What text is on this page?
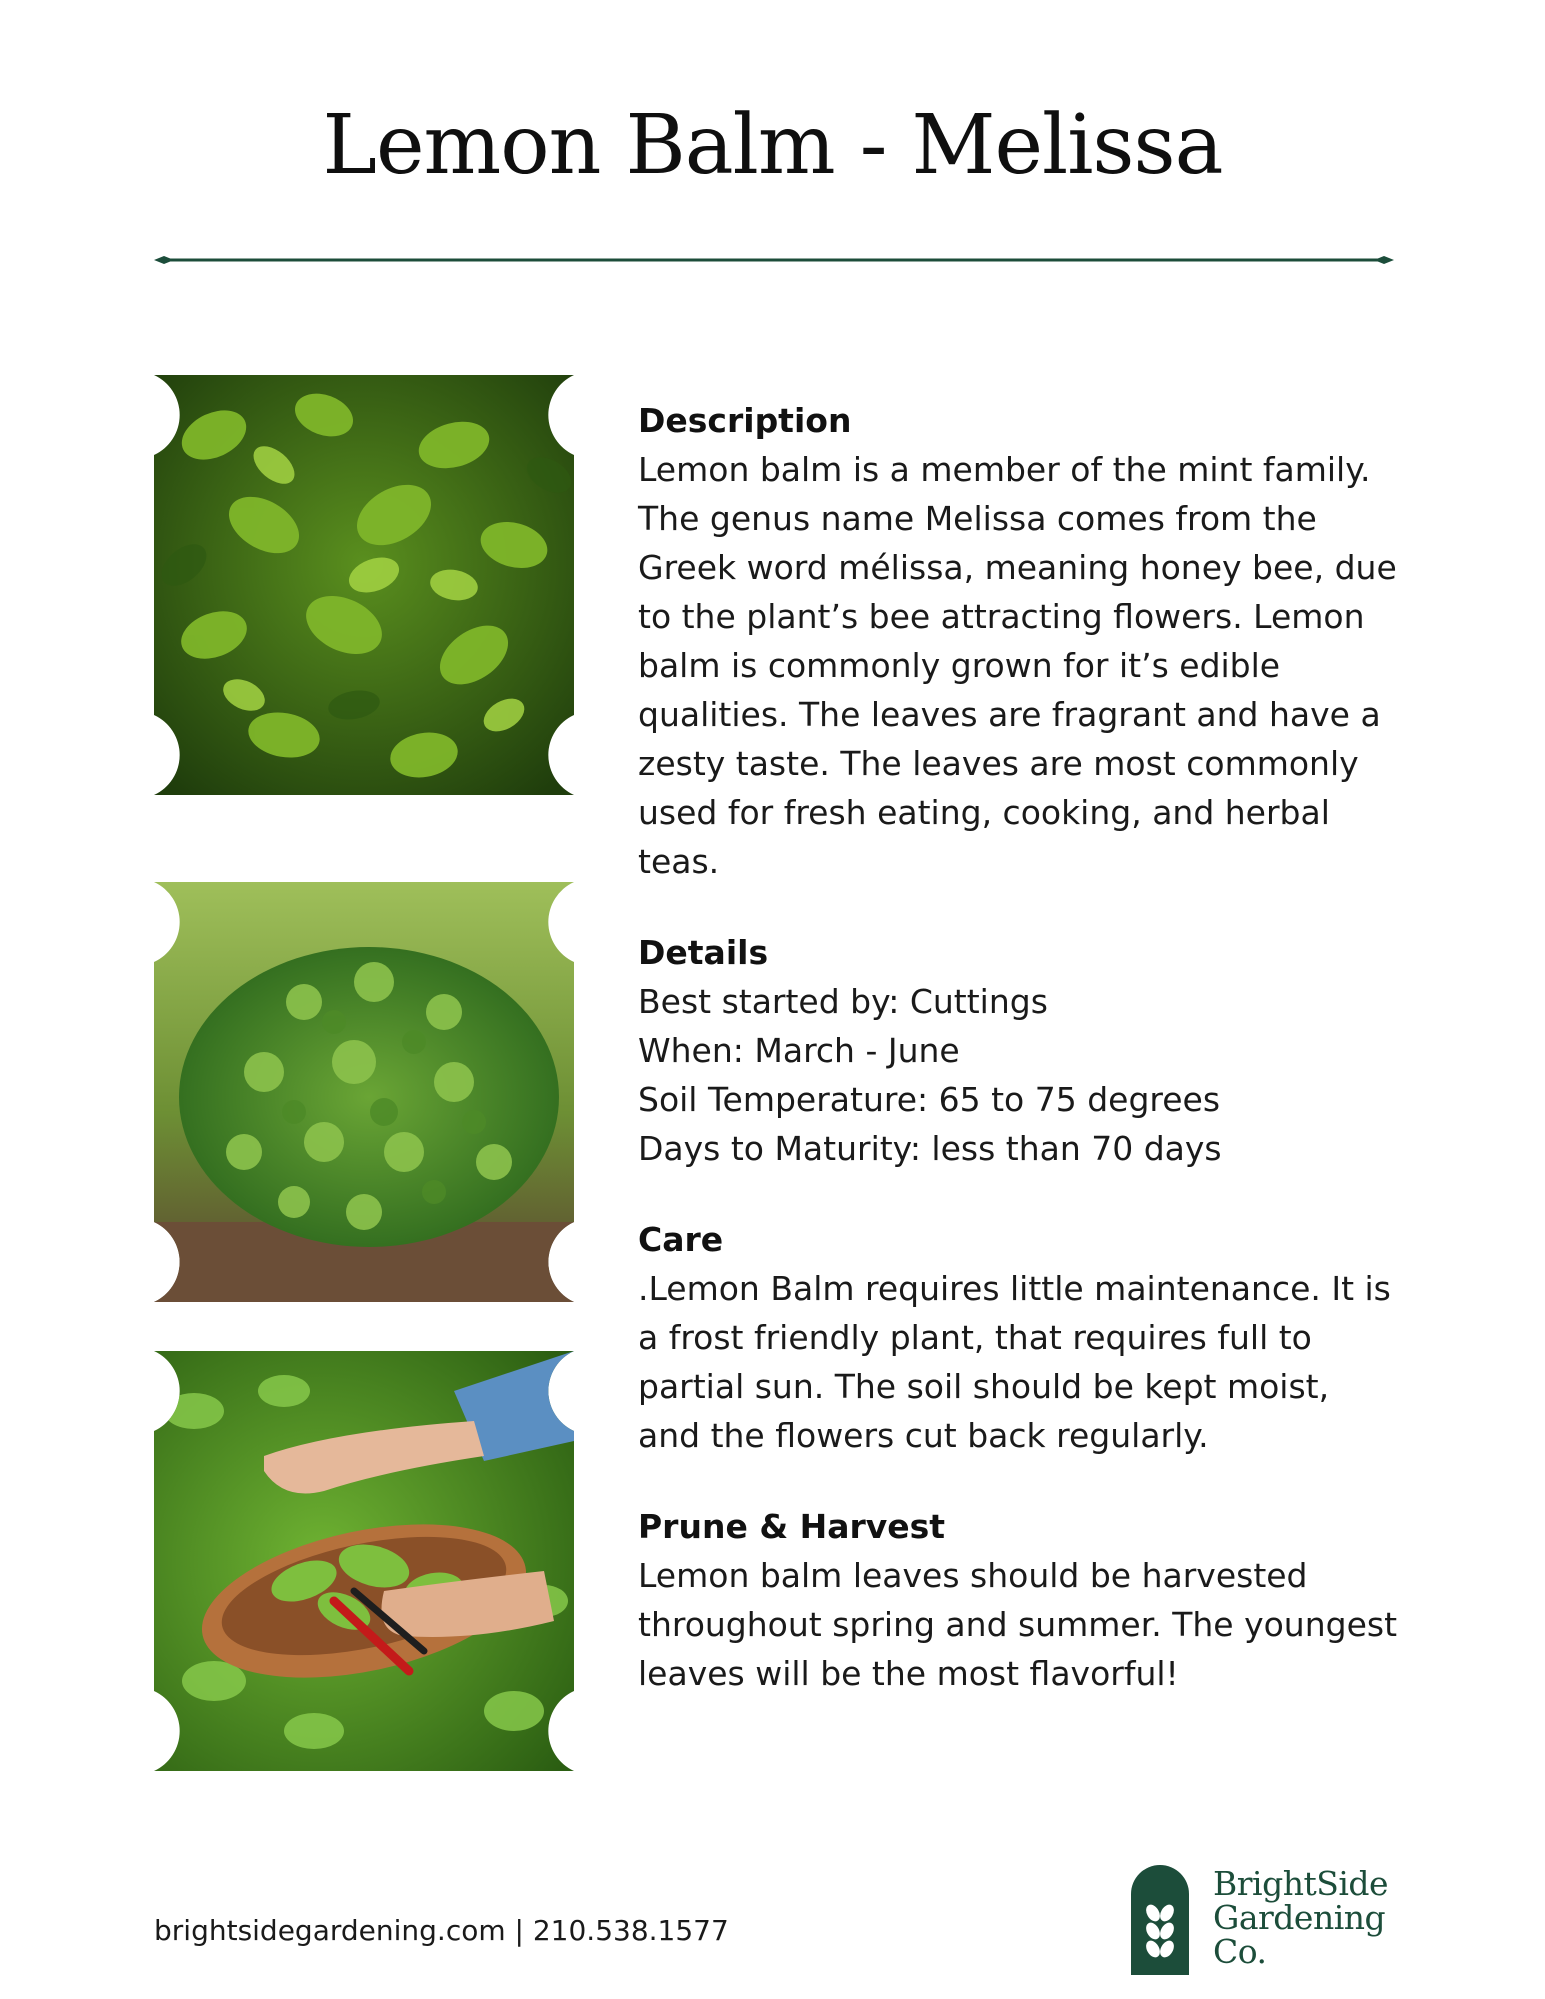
Lemon Balm - Melissa
Description

Lemon balm is a member of the mint family. The genus name Melissa comes from the Greek word mélissa, meaning honey bee, due to the plant’s bee attracting flowers. Lemon balm is commonly grown for it’s edible qualities. The leaves are fragrant and have a zesty taste. The leaves are most commonly used for fresh eating, cooking, and herbal teas.

Details
Best started by: Cuttings
When: March - June
Soil Temperature: 65 to 75 degrees
Days to Maturity: less than 70 days
Care

.Lemon Balm requires little maintenance. It is a frost friendly plant, that requires full to partial sun. The soil should be kept moist, and the flowers cut back regularly.

Prune & Harvest

Lemon balm leaves should be harvested throughout spring and summer. The youngest leaves will be the most flavorful!

brightsidegardening.com | 210.538.1577
BrightSide
Gardening
Co.
